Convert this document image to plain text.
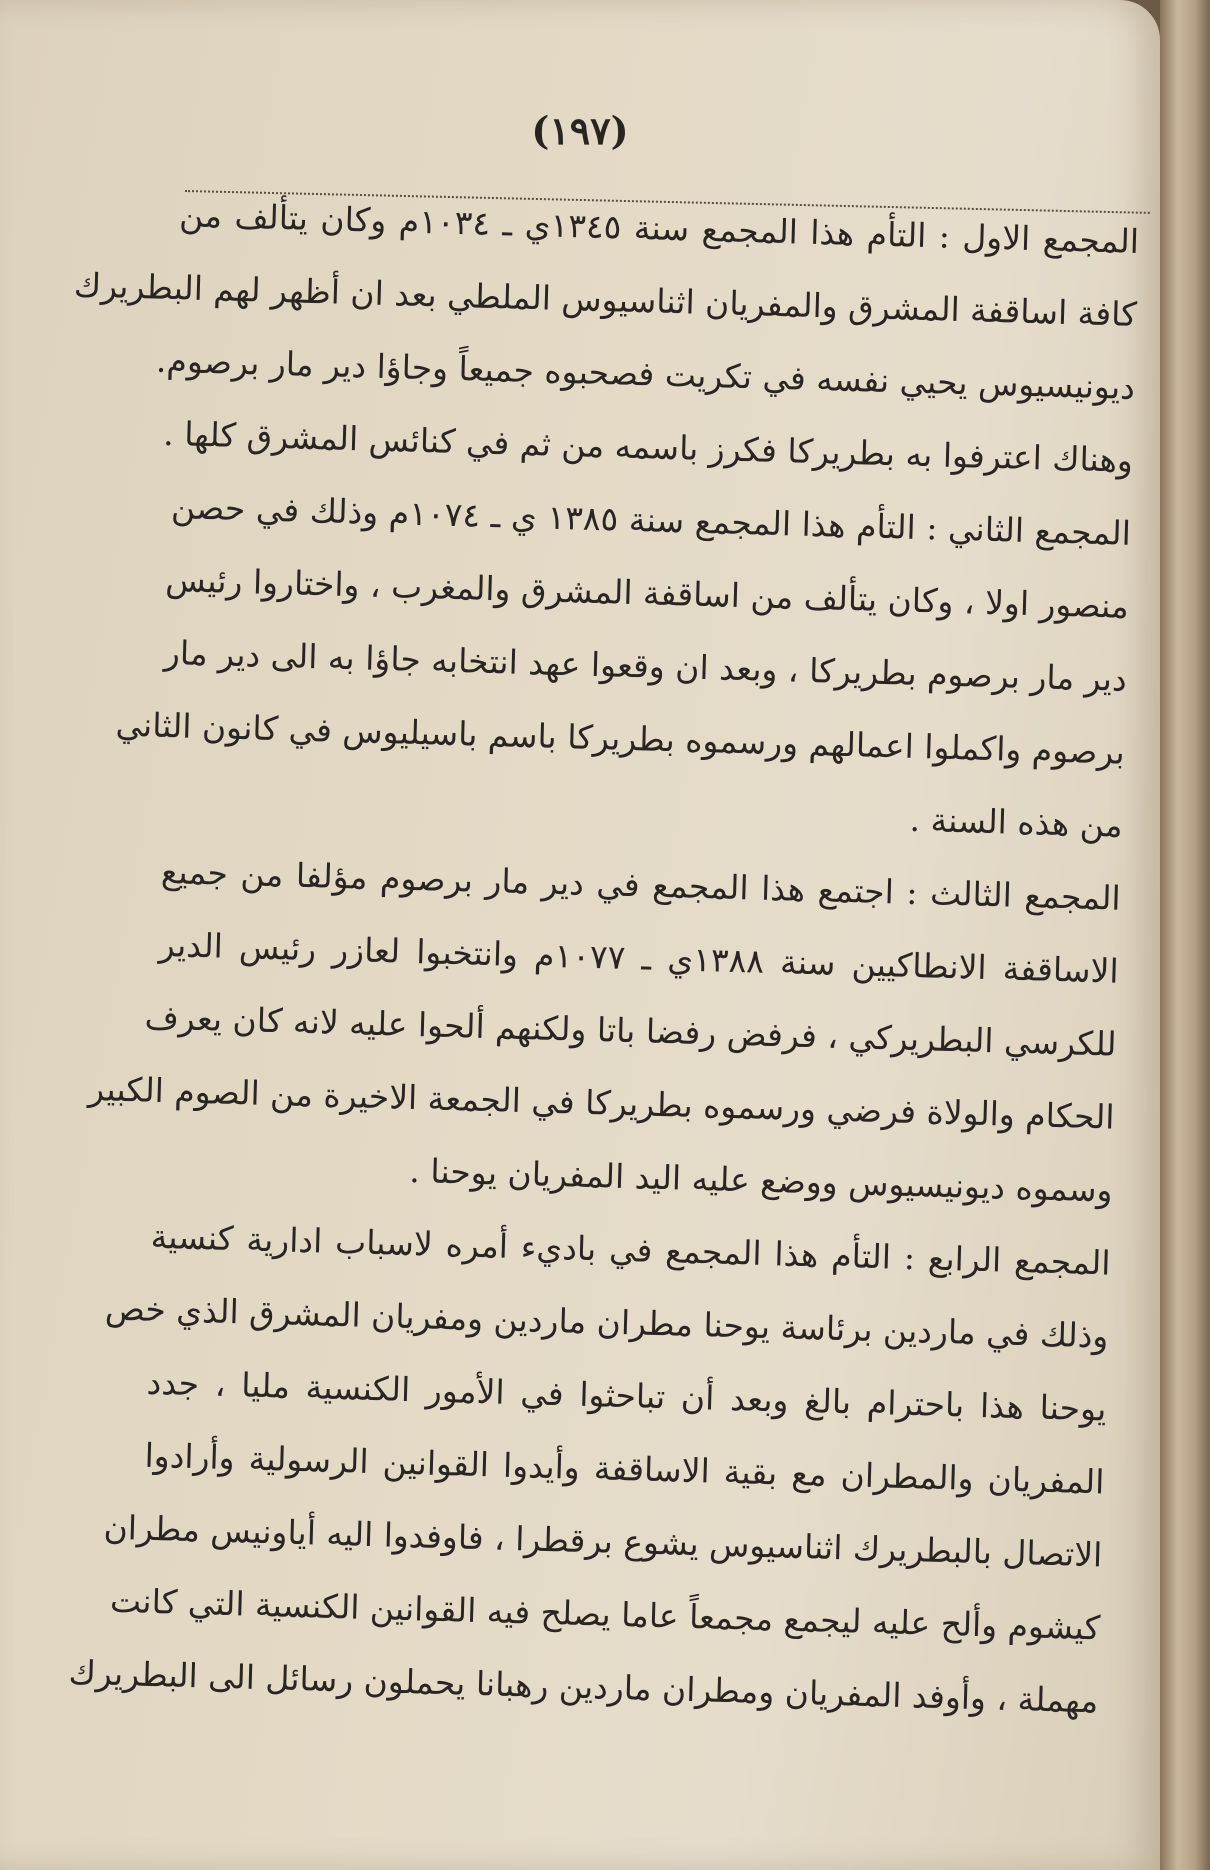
(١٩٧)
المجمع الاول : التأم هذا المجمع سنة ١٣٤٥ي ـ ١٠٣٤م وكان يتألف من
كافة اساقفة المشرق والمفريان اثناسيوس الملطي بعد ان أظهر لهم البطريرك
ديونيسيوس يحيي نفسه في تكريت فصحبوه جميعاً وجاؤا دير مار برصوم.
وهناك اعترفوا به بطريركا فكرز باسمه من ثم في كنائس المشرق كلها .
المجمع الثاني : التأم هذا المجمع سنة ١٣٨٥ ي ـ ١٠٧٤م وذلك في حصن
منصور اولا ، وكان يتألف من اساقفة المشرق والمغرب ، واختاروا رئيس
دير مار برصوم بطريركا ، وبعد ان وقعوا عهد انتخابه جاؤا به الى دير مار
برصوم واكملوا اعمالهم ورسموه بطريركا باسم باسيليوس في كانون الثاني
من هذه السنة .
المجمع الثالث : اجتمع هذا المجمع في دير مار برصوم مؤلفا من جميع
الاساقفة الانطاكيين سنة ١٣٨٨ي ـ ١٠٧٧م وانتخبوا لعازر رئيس الدير
للكرسي البطريركي ، فرفض رفضا باتا ولكنهم ألحوا عليه لانه كان يعرف
الحكام والولاة فرضي ورسموه بطريركا في الجمعة الاخيرة من الصوم الكبير
وسموه ديونيسيوس ووضع عليه اليد المفريان يوحنا .
المجمع الرابع : التأم هذا المجمع في باديء أمره لاسباب ادارية كنسية
وذلك في ماردين برئاسة يوحنا مطران ماردين ومفريان المشرق الذي خص
يوحنا هذا باحترام بالغ وبعد أن تباحثوا في الأمور الكنسية مليا ، جدد
المفريان والمطران مع بقية الاساقفة وأيدوا القوانين الرسولية وأرادوا
الاتصال بالبطريرك اثناسيوس يشوع برقطرا ، فاوفدوا اليه أياونيس مطران
كيشوم وألح عليه ليجمع مجمعاً عاما يصلح فيه القوانين الكنسية التي كانت
مهملة ، وأوفد المفريان ومطران ماردين رهبانا يحملون رسائل الى البطريرك
